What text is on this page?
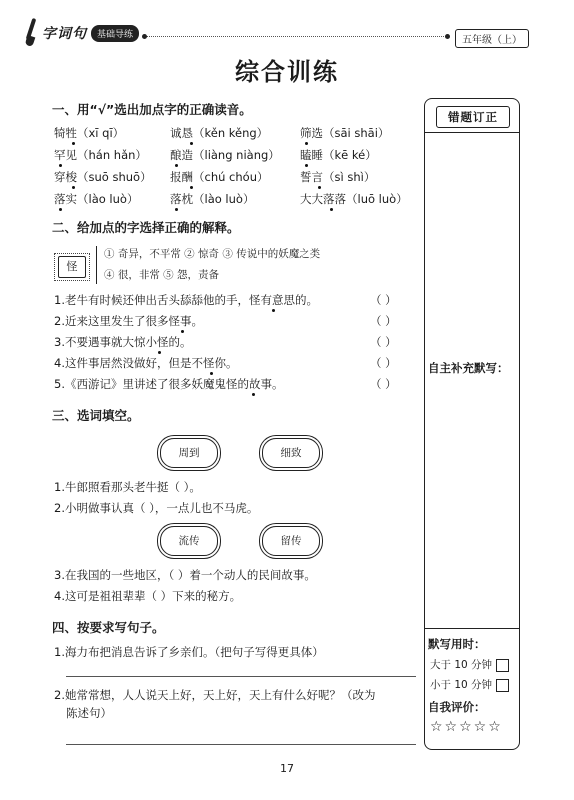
字词句	基础导练
五年级（上）
综合训练
一、用“√”选出加点字的正确读音。
犄牲（xī qī）	诚恳（kěn kěng）	筛选（sāi shāi）
罕见（hán hǎn） 酿造（liàng niàng） 瞌睡（kē ké）
穿梭（suō shuō） 报酬（chú chóu）	誓言（sì shì）
落实（lào luò）	落枕（lào luò）	大大落落（luō luò）
二、给加点的字选择正确的解释。
怪
① 奇异，不平常 ② 惊奇 ③ 传说中的妖魔之类
④ 很，非常 ⑤ 怨，责备
1.老牛有时候还伸出舌头舔舔他的手，怪有意思的。	（ ）
2.近来这里发生了很多怪事。	（ ）
3.不要遇事就大惊小怪的。	（ ）
4.这件事居然没做好，但是不怪你。	（ ）
5.《西游记》里讲述了很多妖魔鬼怪的故事。	（ ）
三、选词填空。
周到	细致
1.牛郎照看那头老牛挺（ ）。
2.小明做事认真（ ），一点儿也不马虎。
流传	留传
3.在我国的一些地区，（ ）着一个动人的民间故事。
4.这可是祖祖辈辈（ ）下来的秘方。
四、按要求写句子。
1.海力布把消息告诉了乡亲们。（把句子写得更具体）
2.她常常想，人人说天上好，天上好，天上有什么好呢？（改为
陈述句）
错题订正
自主补充默写：
默写用时：
大于 10 分钟
小于 10 分钟
自我评价：
☆☆☆☆☆
17
